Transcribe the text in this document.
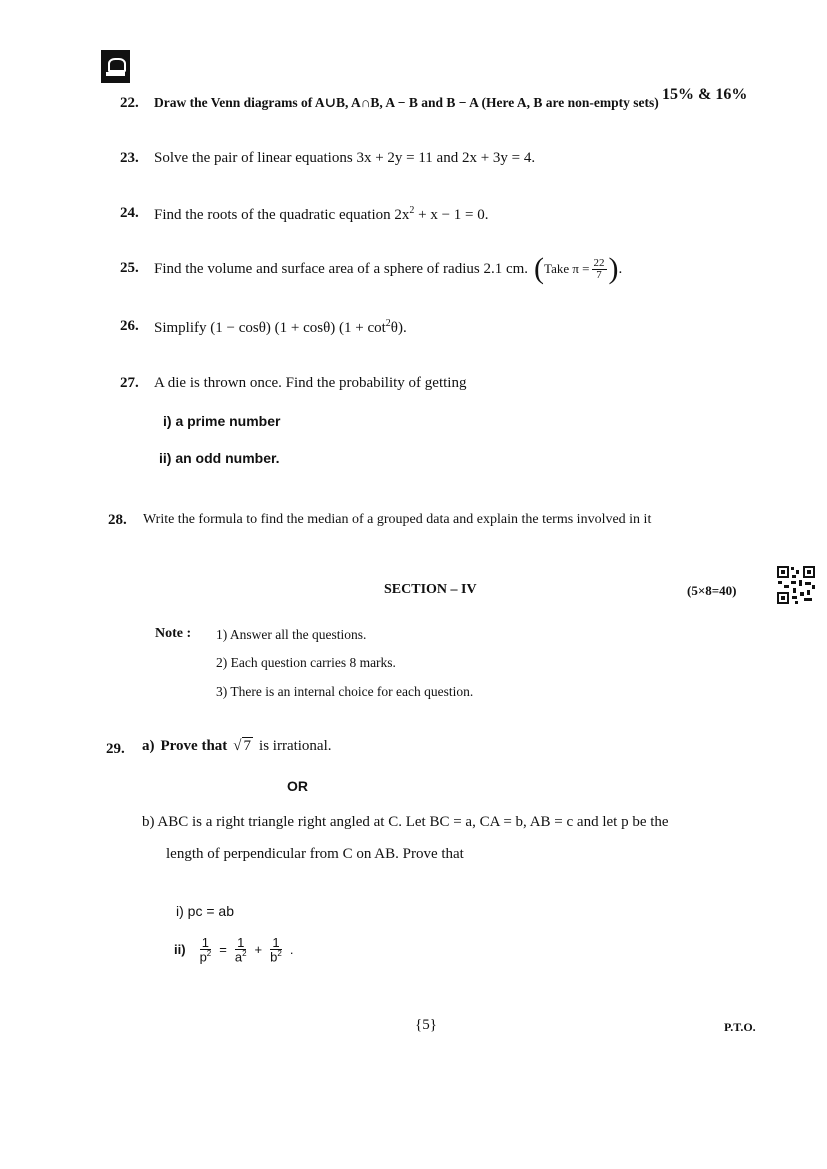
15% & 16%
22. Draw the Venn diagrams of A∪B, A∩B, A − B and B − A (Here A, B are non-empty sets)
23. Solve the pair of linear equations 3x + 2y = 11 and 2x + 3y = 4.
24. Find the roots of the quadratic equation $2x^2 + x - 1 = 0$.
25. Find the volume and surface area of a sphere of radius 2.1 cm. ( Take $\pi = \frac{22}{7}$ ) .
26. Simplify (1 − cosθ) (1 + cosθ) $(1 + \cot^2\theta)$.
27. A die is thrown once. Find the probability of getting
i) a prime number
ii) an odd number.
28. Write the formula to find the median of a grouped data and explain the terms involved in it
SECTION – IV	(5×8=40)
Note : 1) Answer all the questions.
2) Each question carries 8 marks.
3) There is an internal choice for each question.
29. a) Prove that √ 7 is irrational.
OR
b) ABC is a right triangle right angled at C. Let BC = a, CA = b, AB = c and let p be the
length of perpendicular from C on AB. Prove that
i) pc = ab
$ii) \frac{1}{p^2} = \frac{1}{a^2} + \frac{1}{b^2}$ .
{5}	P.T.O.
